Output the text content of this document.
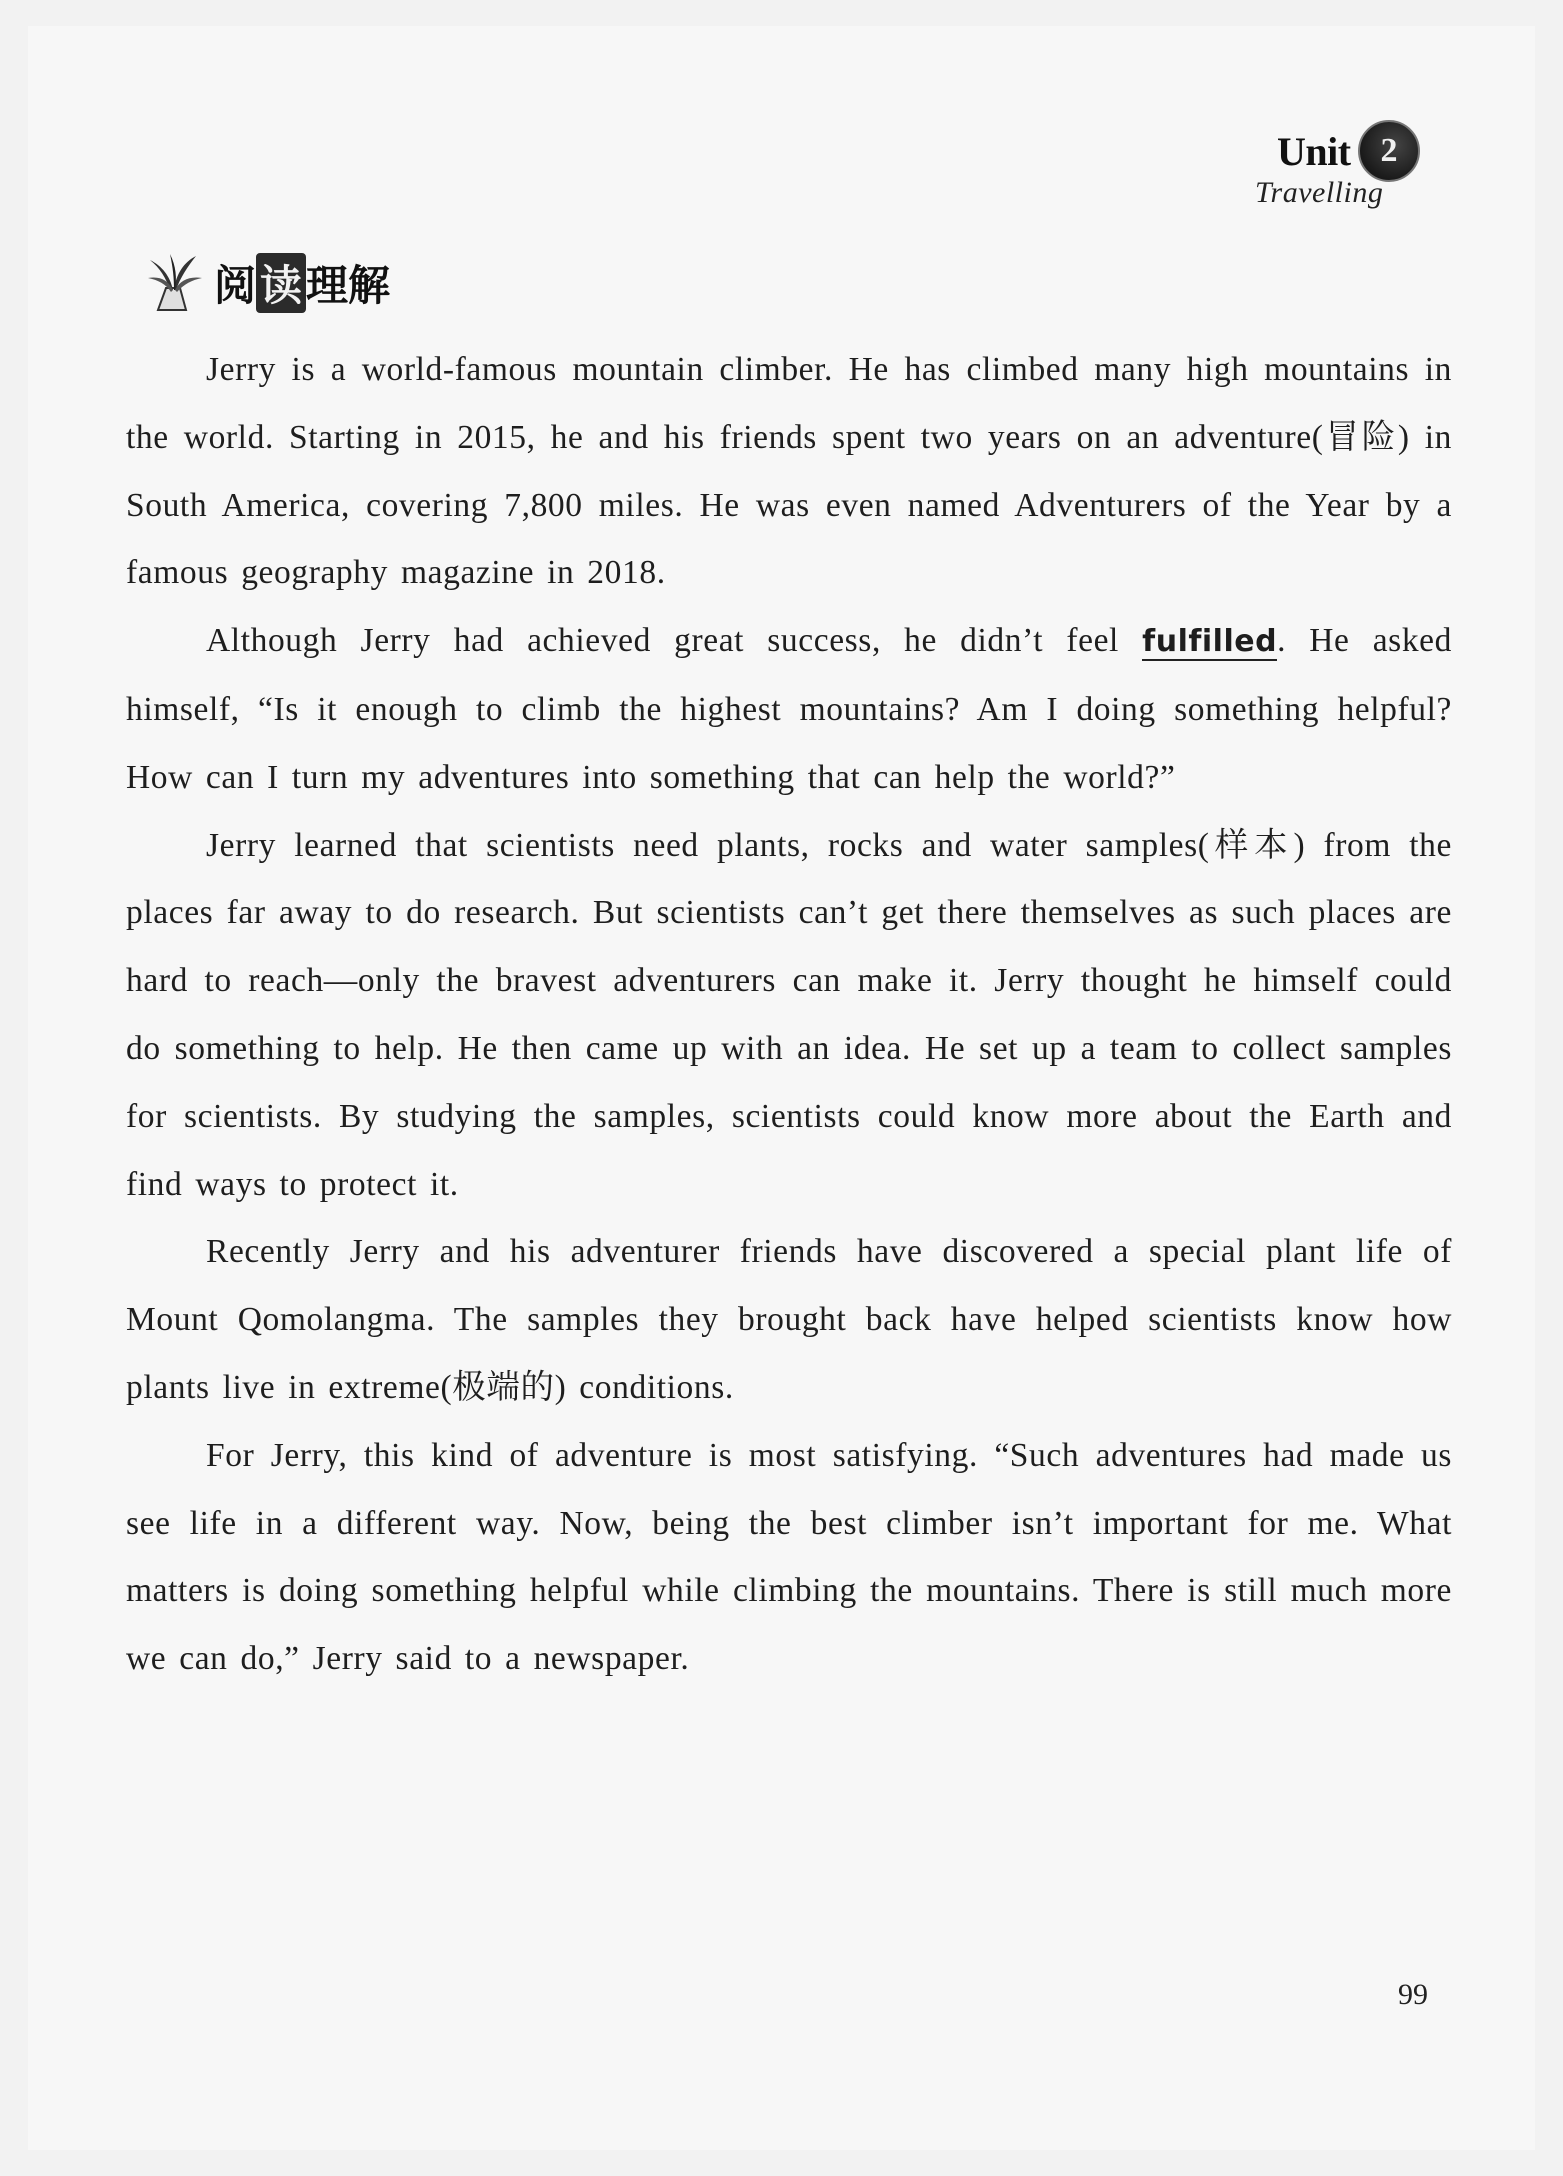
Unit 2
Travelling
阅读理解

Jerry is a world-famous mountain climber. He has climbed many high mountains in the world. Starting in 2015, he and his friends spent two years on an adventure(冒险) in South America, covering 7,800 miles. He was even named Adventurers of the Year by a famous geography magazine in 2018.

Although Jerry had achieved great success, he didn’t feel fulfilled. He asked himself, “Is it enough to climb the highest mountains? Am I doing something helpful? How can I turn my adventures into something that can help the world?”

Jerry learned that scientists need plants, rocks and water samples(样本) from the places far away to do research. But scientists can’t get there themselves as such places are hard to reach—only the bravest adventurers can make it. Jerry thought he himself could do something to help. He then came up with an idea. He set up a team to collect samples for scientists. By studying the samples, scientists could know more about the Earth and find ways to protect it.

Recently Jerry and his adventurer friends have discovered a special plant life of Mount Qomolangma. The samples they brought back have helped scientists know how plants live in extreme(极端的) conditions.

For Jerry, this kind of adventure is most satisfying. “Such adventures had made us see life in a different way. Now, being the best climber isn’t important for me. What matters is doing something helpful while climbing the mountains. There is still much more we can do,” Jerry said to a newspaper.

99
